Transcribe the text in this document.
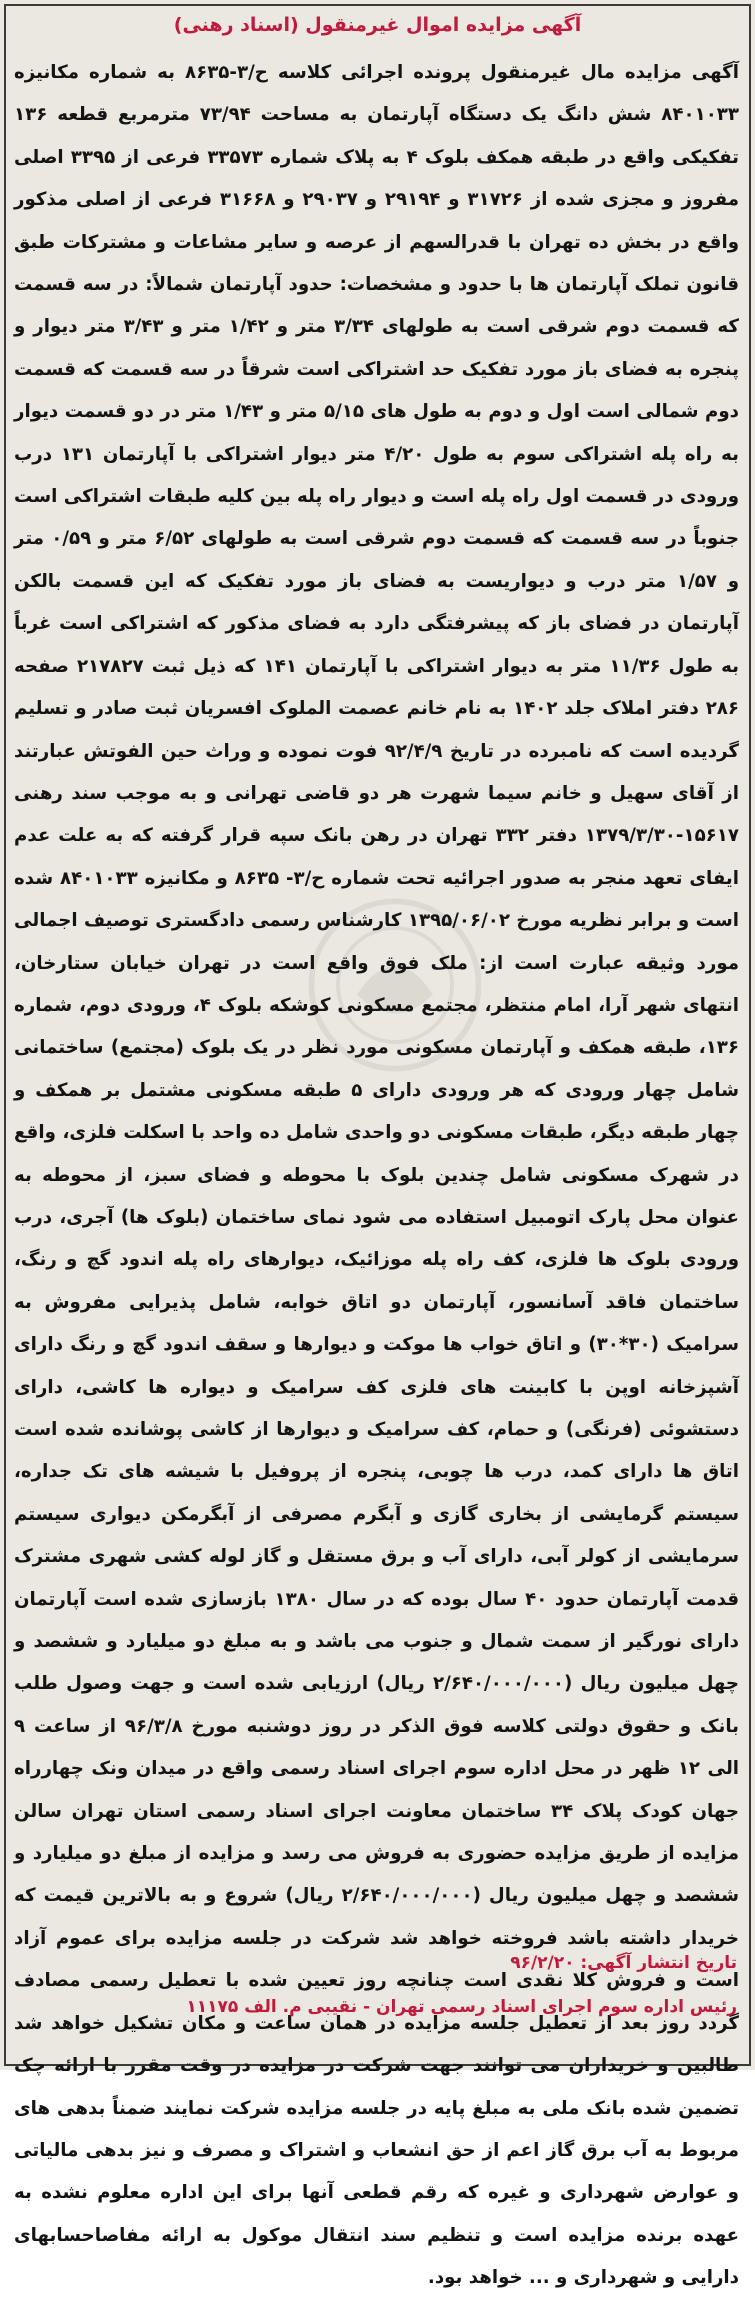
آگهی مزایده اموال غیرمنقول (اسناد رهنی)
آگهی مزایده مال غیرمنقول پرونده اجرائی کلاسه ح/۳-۸۶۳۵ به شماره مکانیزه ۸۴۰۱۰۳۳ شش دانگ یک دستگاه آپارتمان به مساحت ۷۳/۹۴ مترمربع قطعه ۱۳۶ تفکیکی واقع در طبقه همکف بلوک ۴ به پلاک شماره ۳۳۵۷۳ فرعی از ۳۳۹۵ اصلی مفروز و مجزی شده از ۳۱۷۲۶ و ۲۹۱۹۴ و ۲۹۰۳۷ و ۳۱۶۶۸ فرعی از اصلی مذکور واقع در بخش ده تهران با قدرالسهم از عرصه و سایر مشاعات و مشترکات طبق قانون تملک آپارتمان ها با حدود و مشخصات: حدود آپارتمان شمالاً: در سه قسمت که قسمت دوم شرقی است به طولهای ۳/۳۴ متر و ۱/۴۲ متر و ۳/۴۳ متر دیوار و پنجره به فضای باز مورد تفکیک حد اشتراکی است شرقاً در سه قسمت که قسمت دوم شمالی است اول و دوم به طول های ۵/۱۵ متر و ۱/۴۳ متر در دو قسمت دیوار به راه پله اشتراکی سوم به طول ۴/۲۰ متر دیوار اشتراکی با آپارتمان ۱۳۱ درب ورودی در قسمت اول راه پله است و دیوار راه پله بین کلیه طبقات اشتراکی است جنوباً در سه قسمت که قسمت دوم شرقی است به طولهای ۶/۵۲ متر و ۰/۵۹ متر و ۱/۵۷ متر درب و دیواریست به فضای باز مورد تفکیک که این قسمت بالکن آپارتمان در فضای باز که پیشرفتگی دارد به فضای مذکور که اشتراکی است غرباً به طول ۱۱/۳۶ متر به دیوار اشتراکی با آپارتمان ۱۴۱ که ذیل ثبت ۲۱۷۸۲۷ صفحه ۲۸۶ دفتر املاک جلد ۱۴۰۲ به نام خانم عصمت الملوک افسریان ثبت صادر و تسلیم گردیده است که نامبرده در تاریخ ۹۲/۴/۹ فوت نموده و وراث حین الفوتش عبارتند از آقای سهیل و خانم سیما شهرت هر دو قاضی تهرانی و به موجب سند رهنی ۱۵۶۱۷-۱۳۷۹/۳/۳۰ دفتر ۳۳۲ تهران در رهن بانک سپه قرار گرفته که به علت عدم ایفای تعهد منجر به صدور اجرائیه تحت شماره ح/۳- ۸۶۳۵ و مکانیزه ۸۴۰۱۰۳۳ شده است و برابر نظریه مورخ ۱۳۹۵/۰۶/۰۲ کارشناس رسمی دادگستری توصیف اجمالی مورد وثیقه عبارت است از: ملک فوق واقع است در تهران خیابان ستارخان، انتهای شهر آرا، امام منتظر، مجتمع مسکونی کوشکه بلوک ۴، ورودی دوم، شماره ۱۳۶، طبقه همکف و آپارتمان مسکونی مورد نظر در یک بلوک (مجتمع) ساختمانی شامل چهار ورودی که هر ورودی دارای ۵ طبقه مسکونی مشتمل بر همکف و چهار طبقه دیگر، طبقات مسکونی دو واحدی شامل ده واحد با اسکلت فلزی، واقع در شهرک مسکونی شامل چندین بلوک با محوطه و فضای سبز، از محوطه به عنوان محل پارک اتومبیل استفاده می شود نمای ساختمان (بلوک ها) آجری، درب ورودی بلوک ها فلزی، کف راه پله موزائیک، دیوارهای راه پله اندود گچ و رنگ، ساختمان فاقد آسانسور، آپارتمان دو اتاق خوابه، شامل پذیرایی مفروش به سرامیک (۳۰*۳۰) و اتاق خواب ها موکت و دیوارها و سقف اندود گچ و رنگ دارای آشپزخانه اوپن با کابینت های فلزی کف سرامیک و دیواره ها کاشی، دارای دستشوئی (فرنگی) و حمام، کف سرامیک و دیوارها از کاشی پوشانده شده است اتاق ها دارای کمد، درب ها چوبی، پنجره از پروفیل با شیشه های تک جداره، سیستم گرمایشی از بخاری گازی و آبگرم مصرفی از آبگرمکن دیواری سیستم سرمایشی از کولر آبی، دارای آب و برق مستقل و گاز لوله کشی شهری مشترک قدمت آپارتمان حدود ۴۰ سال بوده که در سال ۱۳۸۰ بازسازی شده است آپارتمان دارای نورگیر از سمت شمال و جنوب می باشد و به مبلغ دو میلیارد و ششصد و چهل میلیون ریال (۲/۶۴۰/۰۰۰/۰۰۰ ریال) ارزیابی شده است و جهت وصول طلب بانک و حقوق دولتی کلاسه فوق الذکر در روز دوشنبه مورخ ۹۶/۳/۸ از ساعت ۹ الی ۱۲ ظهر در محل اداره سوم اجرای اسناد رسمی واقع در میدان ونک چهارراه جهان کودک پلاک ۳۴ ساختمان معاونت اجرای اسناد رسمی استان تهران سالن مزایده از طریق مزایده حضوری به فروش می رسد و مزایده از مبلغ دو میلیارد و ششصد و چهل میلیون ریال (۲/۶۴۰/۰۰۰/۰۰۰ ریال) شروع و به بالاترین قیمت که خریدار داشته باشد فروخته خواهد شد شرکت در جلسه مزایده برای عموم آزاد است و فروش کلا نقدی است چنانچه روز تعیین شده با تعطیل رسمی مصادف گردد روز بعد از تعطیل جلسه مزایده در همان ساعت و مکان تشکیل خواهد شد طالبین و خریداران می توانند جهت شرکت در مزایده در وقت مقرر با ارائه چک تضمین شده بانک ملی به مبلغ پایه در جلسه مزایده شرکت نمایند ضمناً بدهی های مربوط به آب برق گاز اعم از حق انشعاب و اشتراک و مصرف و نیز بدهی مالیاتی و عوارض شهرداری و غیره که رقم قطعی آنها برای این اداره معلوم نشده به عهده برنده مزایده است و تنظیم سند انتقال موکول به ارائه مفاصاحسابهای دارایی و شهرداری و ... خواهد بود.
تاریخ انتشار آگهی: ۹۶/۲/۲۰
رئیس اداره سوم اجرای اسناد رسمی تهران - نقیبی م. الف ۱۱۱۷۵
